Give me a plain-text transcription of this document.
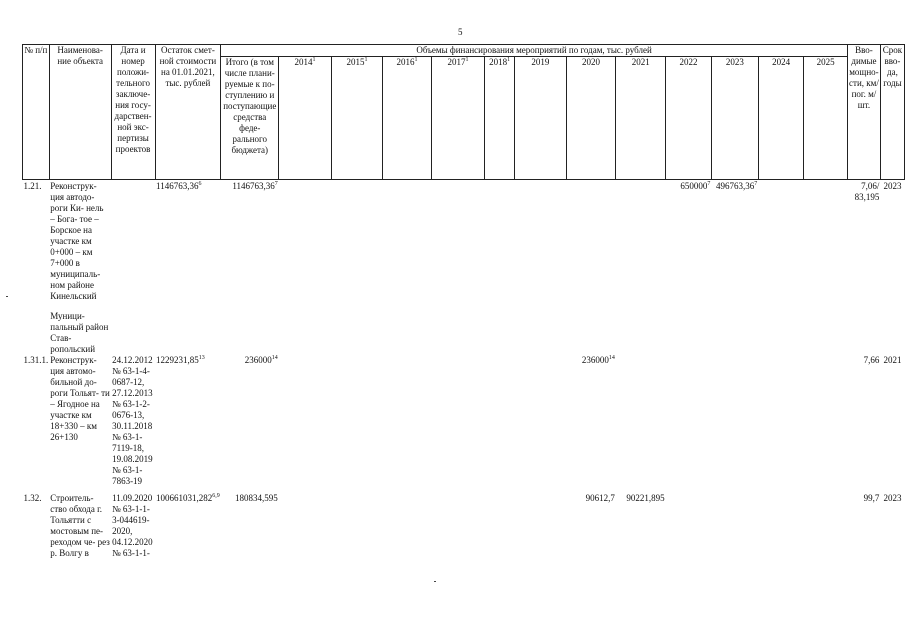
5
№ п/п	Наименова- ние объекта	Дата и номер положи- тельного заключе- ния госу- дарствен- ной экс- пертизы проектов	Остаток смет- ной стоимости на 01.01.2021, тыс. рублей	Объемы финансирования мероприятий по годам, тыс. рублей													Вво- димые мощно- сти, км/ пог. м/шт.	Срок вво- да, годы
				Итого (в том числе плани- руемые к по- ступлению и поступающие средства феде- рального бюджета)	2014$^1$	2015$^1$	2016$^1$	2017$^1$	2018$^1$	2019	2020	2021	2022	2023	2024	2025		
1.21.	Реконструк- ция автодо- роги Ки- нель – Бога- тое – Борское на участке км 0+000 – км 7+000 в муниципаль- ном районе Кинельский		1146763,36$^6$	1146763,36$^7$									650000$^7$	496763,36$^7$			7,06/ 83,195	2023
	Муници- пальный район Став- ропольский																	
1.31.1.	Реконструк- ция автомо- бильной до- роги Тольят- ти – Ягодное на участке км 18+330 – км 26+130	24.12.2012 № 63-1-4- 0687-12, 27.12.2013 № 63-1-2- 0676-13, 30.11.2018 № 63-1- 7119-18, 19.08.2019 № 63-1- 7863-19	1229231,85$^{13}$	236000$^{14}$							236000$^{14}$						7,66	2021
1.32.	Строитель- ство обхода г. Тольятти с мостовым пе- реходом че- рез р. Волгу в	11.09.2020 № 63-1-1- 3-044619- 2020, 04.12.2020 № 63-1-1-	100661031,282$^{6,9}$	180834,595							90612,7	90221,895					99,7	2023
